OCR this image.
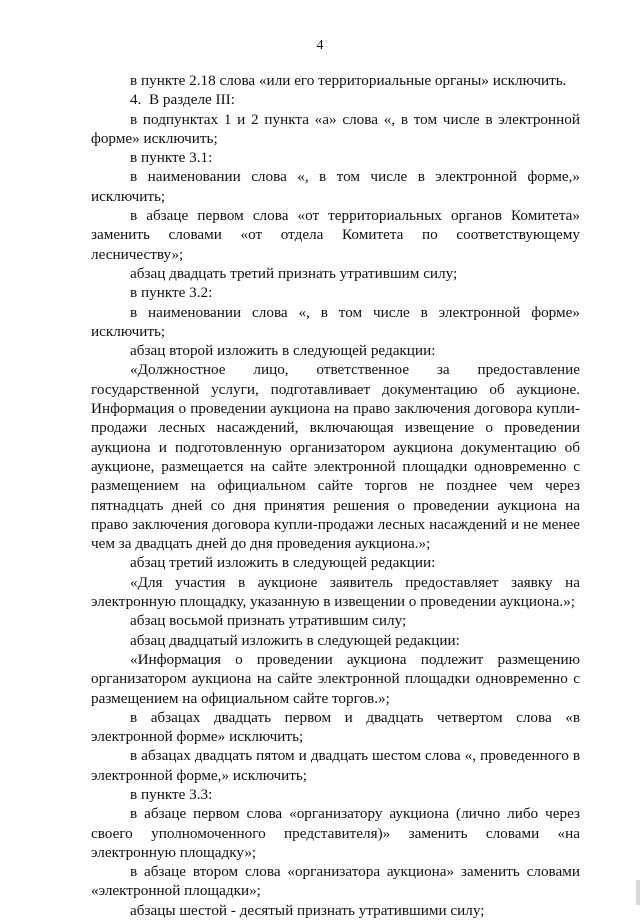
4

в пункте 2.18 слова «или его территориальные органы» исключить.

4.  В разделе III:

в подпунктах 1 и 2 пункта «а» слова «, в том числе в электронной форме» исключить;

в пункте 3.1:

в наименовании слова «, в том числе в электронной форме,» исключить;

в абзаце первом слова «от территориальных органов Комитета» заменить словами «от отдела Комитета по соответствующему лесничеству»;

абзац двадцать третий признать утратившим силу;

в пункте 3.2:

в наименовании слова «, в том числе в электронной форме» исключить;

абзац второй изложить в следующей редакции:

«Должностное лицо, ответственное за предоставление государственной услуги, подготавливает документацию об аукционе. Информация о проведении аукциона на право заключения договора купли-продажи лесных насаждений, включающая извещение о проведении аукциона и подготовленную организатором аукциона документацию об аукционе, размещается на сайте электронной площадки одновременно с размещением на официальном сайте торгов не позднее чем через пятнадцать дней со дня принятия решения о проведении аукциона на право заключения договора купли-продажи лесных насаждений и не менее чем за двадцать дней до дня проведения аукциона.»;

абзац третий изложить в следующей редакции:

«Для участия в аукционе заявитель предоставляет заявку на электронную площадку, указанную в извещении о проведении аукциона.»;

абзац восьмой признать утратившим силу;

абзац двадцатый изложить в следующей редакции:

«Информация о проведении аукциона подлежит размещению организатором аукциона на сайте электронной площадки одновременно с размещением на официальном сайте торгов.»;

в абзацах двадцать первом и двадцать четвертом слова «в электронной форме» исключить;

в абзацах двадцать пятом и двадцать шестом слова «, проведенного в электронной форме,» исключить;

в пункте 3.3:

в абзаце первом слова «организатору аукциона (лично либо через своего уполномоченного представителя)» заменить словами «на электронную площадку»;

в абзаце втором слова «организатора аукциона» заменить словами «электронной площадки»;

абзацы шестой - десятый признать утратившими силу;
